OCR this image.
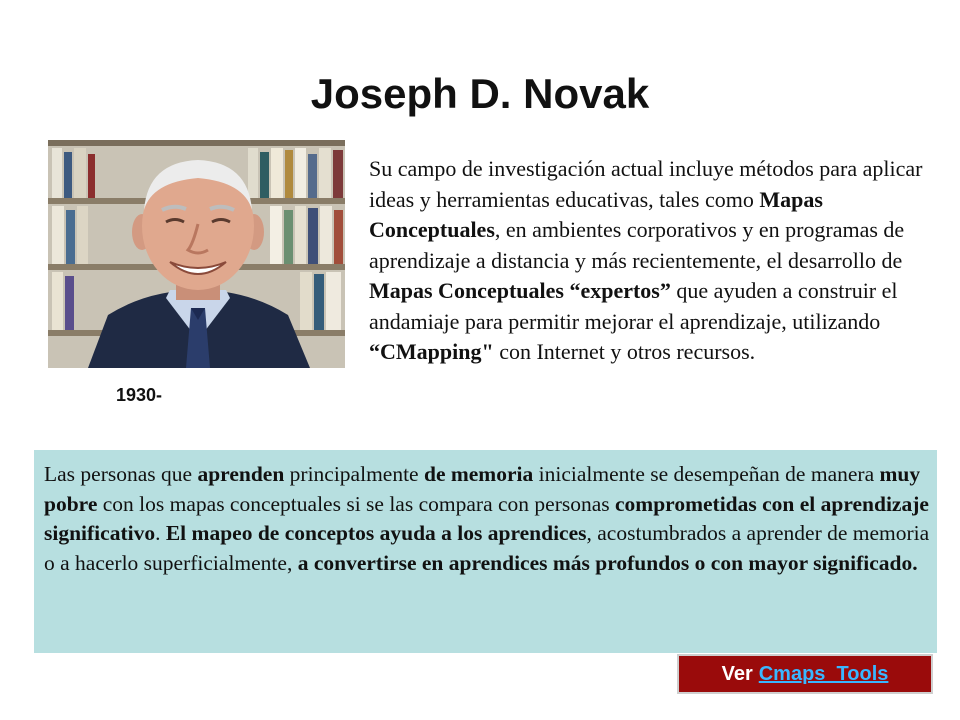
Joseph D. Novak
1930-
Su campo de investigación actual incluye métodos para aplicar ideas y herramientas educativas, tales como Mapas Conceptuales, en ambientes corporativos y en programas de aprendizaje a distancia y más recientemente, el desarrollo de Mapas Conceptuales “expertos” que ayuden a construir el andamiaje para permitir mejorar el aprendizaje, utilizando “CMapping" con Internet y otros recursos.
Las personas que aprenden principalmente de memoria inicialmente se desempeñan de manera muy pobre con los mapas conceptuales si se las compara con personas comprometidas con el aprendizaje significativo. El mapeo de conceptos ayuda a los aprendices, acostumbrados a aprender de memoria o a hacerlo superficialmente, a convertirse en aprendices más profundos o con mayor significado.
Ver Cmaps_Tools
